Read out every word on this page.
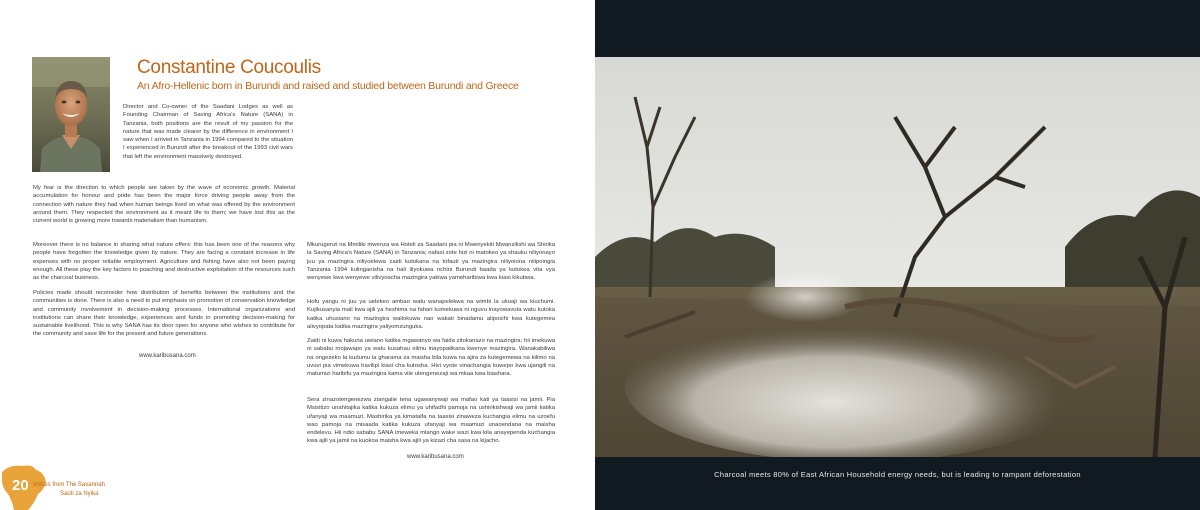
Constantine Coucoulis
An Afro-Hellenic born in Burundi and raised and studied between Burundi and Greece
Director and Co-owner of the Saadani Lodges as well as Founding Chairman of Saving Africa's Nature (SANA) in Tanzania, both positions are the result of my passion for the nature that was made clearer by the difference in environment I saw when I arrived in Tanzania in 1994 compared to the situation I experienced in Burundi after the breakout of the 1993 civil wars that left the environment massively destroyed.
My fear is the direction to which people are taken by the wave of economic growth. Material accumulation for honour and pride has been the major force driving people away from the connection with nature they had when human beings lived on what was offered by the environment around them. They respected the environment as it meant life to them; we have lost this as the current world is growing more towards materialism than humanism.
Moreover there is no balance in sharing what nature offers: this has been one of the reasons why people have forgotten the knowledge given by nature. They are facing a constant increase in life expenses with no proper reliable employment. Agriculture and fishing have also not been paying enough. All these play the key factors to poaching and destructive exploitation of the resources such as the charcoal business.
Policies made should reconsider how distribution of benefits between the institutions and the communities is done. There is also a need to put emphasis on promotion of conservation knowledge and community involvement in decision-making processes. International organizations and institutions can share their knowledge, experiences and funds in promoting decision-making for sustainable livelihood. This is why SANA has its door open for anyone who wishes to contribute for the community and save life for the present and future generations.
www.karibusana.com
Mkurugenzi na Mmiliki mwenza wa Hoteli za Saadani pia ni Mwenyekiti Mwanzilishi wa Shirika la Saving Africa's Nature (SANA) in Tanzania; nafasi zote hizi ni matokeo ya shauku niliyonayo juu ya mazingira niliyoelewa zaidi kutokana na tofauti ya mazingira niliyoiona nilipoingia Tanzania 1994 kulinganisha na hali iliyokuwa nchini Burundi baada ya kutokea vita vya wenyewe kwa wenyewe vilivyoacha mazingira yakiwa yameharibiwa kwa kiasi kikubwa.
Hofu yangu ni juu ya uelekeo ambao watu wanapelekwa na wimbi la ukuaji wa kiuchumi. Kujikusanyia mali kwa ajili ya heshima na fahari kumekuwa ni nguvu inayowavuta watu kutoka katika uhusiano na mazingira waliokuwa nao wakati binadamu aliposihi kwa kutegemea alivyopata katika mazingira yaliyomzunguka.
Zaidi ni kuwa hakuna uwiano katika mgawanyo wa faida zitokanazo na mazingira; hii imekuwa ni sababu mojawapo ya watu kusahau elimu inayopatikana kwenye mazingira. Wanakabiliwa na ongezeko la kudumu la gharama za maisha bila kuwa na ajira za kutegemewa na kilimo na uvuvi pia vimekuwa havilipi kiasi cha kutosha. Hivi vyote vinachangia kuwepo kwa ujangili na matumizi haribifu ya mazingira kama vile utengenezaji wa mkaa kwa biashara.
Sera zinazotengenezwa ziangalie tena ugawanywaji wa mafao kati ya taasisi na jamii. Pia Msisitizo unahitajika katika kukuza elimu ya uhifadhi pamoja na ushirikishwaji wa jamii katika ufanyaji wa maamuzi. Mashirika ya kimataifa na taasisi zinaweza kuchangia elimu na uzoefu wao pamoja na misaada katika kukuza ufanyaji wa maamuzi unaoendana na maisha endelevu. Hii ndio sababu SANA imeweka mlango wake wazi kwa kila anayependa kuchangia kwa ajili ya jamii na kuokoa maisha kwa ajili ya kizazi cha sasa na kijacho.
www.karibusana.com
20 Voices from The Savannah
Sauti za Nyika
Charcoal meets 80% of East African Household energy needs, but is leading to rampant deforestation
